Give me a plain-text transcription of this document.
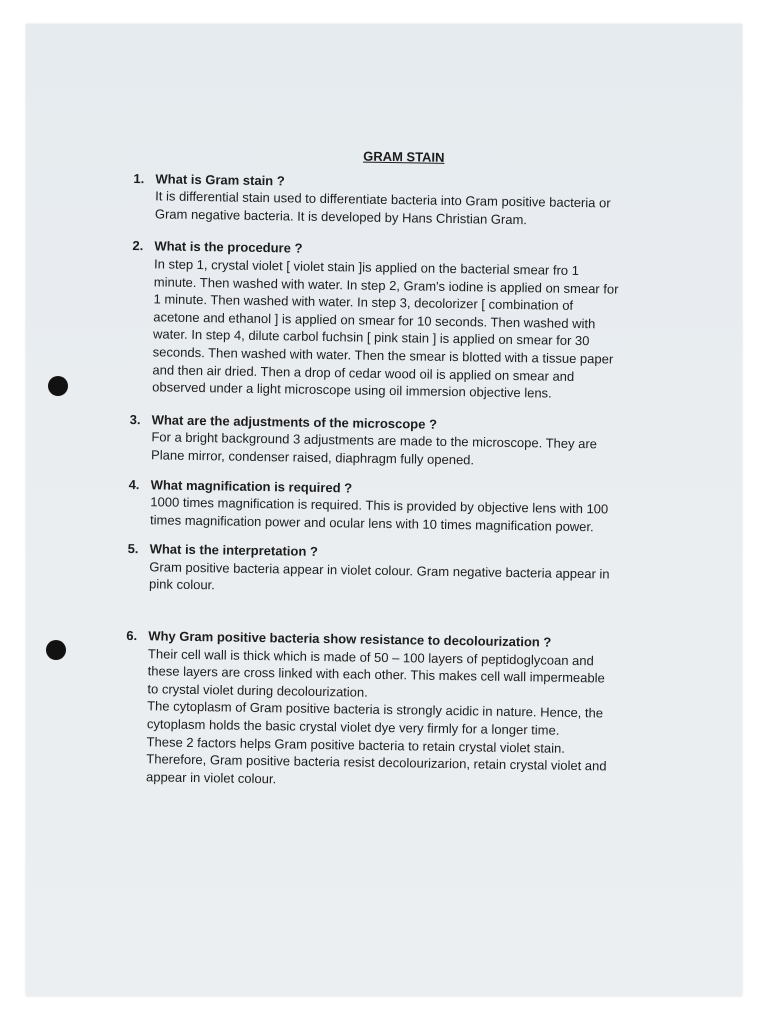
GRAM STAIN
1. What is Gram stain ?
It is differential stain used to differentiate bacteria into Gram positive bacteria or
Gram negative bacteria. It is developed by Hans Christian Gram.
2. What is the procedure ?
In step 1, crystal violet [ violet stain ]is applied on the bacterial smear fro 1
minute. Then washed with water. In step 2, Gram's iodine is applied on smear for
1 minute. Then washed with water. In step 3, decolorizer [ combination of
acetone and ethanol ] is applied on smear for 10 seconds. Then washed with
water. In step 4, dilute carbol fuchsin [ pink stain ] is applied on smear for 30
seconds. Then washed with water. Then the smear is blotted with a tissue paper
and then air dried. Then a drop of cedar wood oil is applied on smear and
observed under a light microscope using oil immersion objective lens.
3. What are the adjustments of the microscope ?
For a bright background 3 adjustments are made to the microscope. They are
Plane mirror, condenser raised, diaphragm fully opened.
4. What magnification is required ?
1000 times magnification is required. This is provided by objective lens with 100
times magnification power and ocular lens with 10 times magnification power.
5. What is the interpretation ?
Gram positive bacteria appear in violet colour. Gram negative bacteria appear in
pink colour.
6. Why Gram positive bacteria show resistance to decolourization ?
Their cell wall is thick which is made of 50 – 100 layers of peptidoglycoan and
these layers are cross linked with each other. This makes cell wall impermeable
to crystal violet during decolourization.
The cytoplasm of Gram positive bacteria is strongly acidic in nature. Hence, the
cytoplasm holds the basic crystal violet dye very firmly for a longer time.
These 2 factors helps Gram positive bacteria to retain crystal violet stain.
Therefore, Gram positive bacteria resist decolourizarion, retain crystal violet and
appear in violet colour.
